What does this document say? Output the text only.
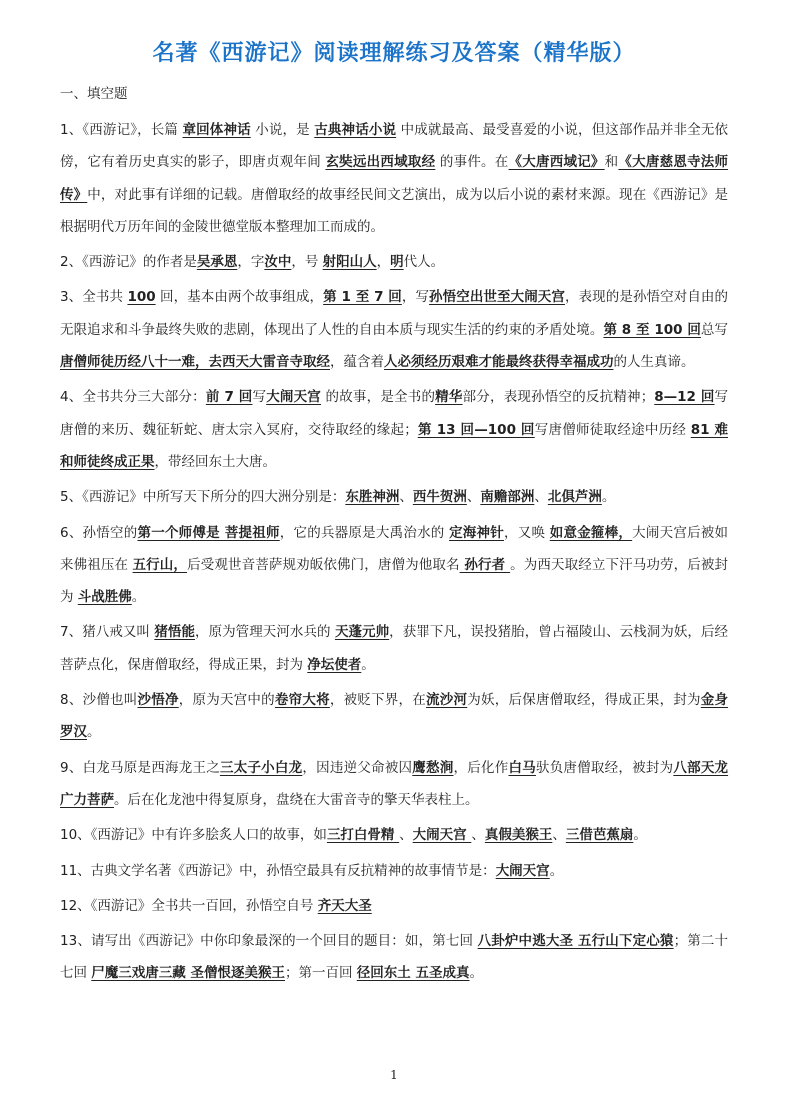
名著《西游记》阅读理解练习及答案（精华版）
一、填空题

1、《西游记》，长篇 章回体神话 小说，是 古典神话小说 中成就最高、最受喜爱的小说，但这部作品并非全无依傍，它有着历史真实的影子，即唐贞观年间 玄奘远出西域取经 的事件。在《大唐西域记》和《大唐慈恩寺法师传》中，对此事有详细的记载。唐僧取经的故事经民间文艺演出，成为以后小说的素材来源。现在《西游记》是根据明代万历年间的金陵世德堂版本整理加工而成的。

2、《西游记》的作者是吴承恩，字汝中，号 射阳山人，明代人。

3、全书共 100 回，基本由两个故事组成，第 1 至 7 回，写孙悟空出世至大闹天宫，表现的是孙悟空对自由的无限追求和斗争最终失败的悲剧，体现出了人性的自由本质与现实生活的约束的矛盾处境。第 8 至 100 回总写唐僧师徒历经八十一难，去西天大雷音寺取经，蕴含着人必须经历艰难才能最终获得幸福成功的人生真谛。

4、全书共分三大部分：前 7 回写大闹天宫 的故事，是全书的精华部分，表现孙悟空的反抗精神；8—12 回写唐僧的来历、魏征斩蛇、唐太宗入冥府，交待取经的缘起；第 13 回—100 回写唐僧师徒取经途中历经 81 难和师徒终成正果，带经回东土大唐。

5、《西游记》中所写天下所分的四大洲分别是：东胜神洲、西牛贺洲、南赡部洲、北俱芦洲。

6、孙悟空的第一个师傅是 菩提祖师，它的兵器原是大禹治水的 定海神针，又唤 如意金箍棒，大闹天宫后被如来佛祖压在 五行山，后受观世音菩萨规劝皈依佛门，唐僧为他取名 孙行者 。为西天取经立下汗马功劳，后被封为 斗战胜佛。

7、猪八戒又叫 猪悟能，原为管理天河水兵的 天蓬元帅，获罪下凡，误投猪胎，曾占福陵山、云栈洞为妖，后经菩萨点化，保唐僧取经，得成正果，封为 净坛使者。

8、沙僧也叫沙悟净，原为天宫中的卷帘大将，被贬下界，在流沙河为妖，后保唐僧取经，得成正果，封为金身罗汉。

9、白龙马原是西海龙王之三太子小白龙，因违逆父命被囚鹰愁涧，后化作白马驮负唐僧取经，被封为八部天龙广力菩萨。后在化龙池中得复原身，盘绕在大雷音寺的擎天华表柱上。

10、《西游记》中有许多脍炙人口的故事，如三打白骨精 、大闹天宫 、真假美猴王、三借芭蕉扇。

11、古典文学名著《西游记》中，孙悟空最具有反抗精神的故事情节是：大闹天宫。

12、《西游记》全书共一百回，孙悟空自号 齐天大圣

13、请写出《西游记》中你印象最深的一个回目的题目：如，第七回 八卦炉中逃大圣 五行山下定心猿；第二十七回 尸魔三戏唐三藏 圣僧恨逐美猴王；第一百回 径回东土 五圣成真。

1
